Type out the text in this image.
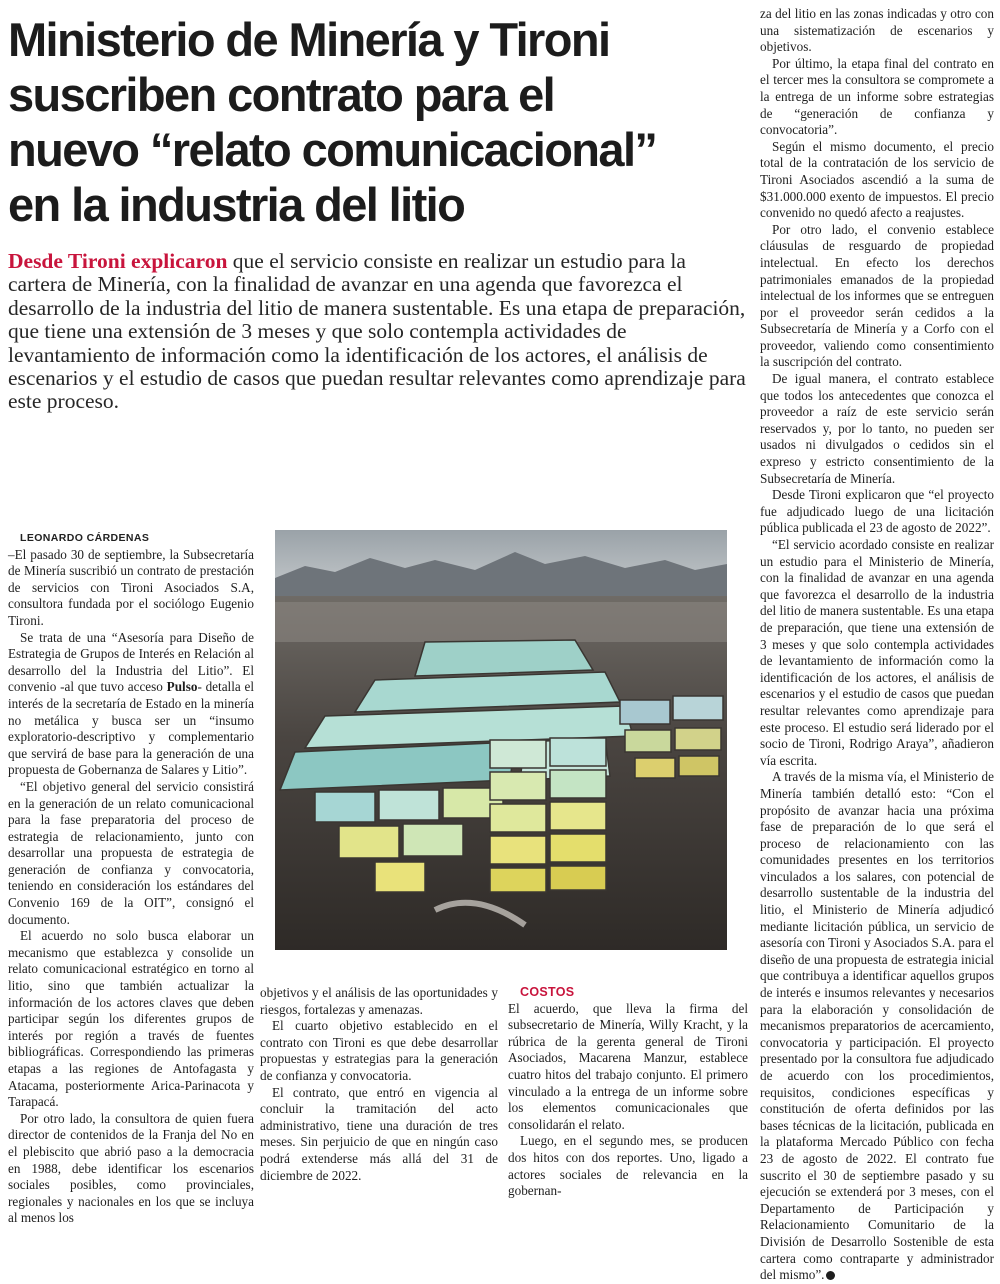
Ministerio de Minería y Tironi
suscriben contrato para el
nuevo “relato comunicacional”
en la industria del litio

Desde Tironi explicaron que el servicio consiste en realizar un estudio para la cartera de Minería, con la finalidad de avanzar en una agenda que favorezca el desarrollo de la industria del litio de manera sustentable. Es una etapa de preparación, que tiene una extensión de 3 meses y que solo contempla actividades de levantamiento de información como la identificación de los actores, el análisis de escenarios y el estudio de casos que puedan resultar relevantes como aprendizaje para este proceso.

LEONARDO CÁRDENAS

–El pasado 30 de septiembre, la Subsecretaría de Minería suscribió un contrato de prestación de servicios con Tironi Asociados S.A, consultora fundada por el sociólogo Eugenio Tironi.

Se trata de una “Asesoría para Diseño de Estrategia de Grupos de Interés en Relación al desarrollo del la Industria del Litio”. El convenio -al que tuvo acceso Pulso- detalla el interés de la secretaría de Estado en la minería no metálica y busca ser un “insumo exploratorio-descriptivo y complementario que servirá de base para la generación de una propuesta de Gobernanza de Salares y Litio”.

“El objetivo general del servicio consistirá en la generación de un relato comunicacional para la fase preparatoria del proceso de estrategia de relacionamiento, junto con desarrollar una propuesta de estrategia de generación de confianza y convocatoria, teniendo en consideración los estándares del Convenio 169 de la OIT”, consignó el documento.

El acuerdo no solo busca elaborar un mecanismo que establezca y consolide un relato comunicacional estratégico en torno al litio, sino que también actualizar la información de los actores claves que deben participar según los diferentes grupos de interés por región a través de fuentes bibliográficas. Correspondiendo las primeras etapas a las regiones de Antofagasta y Atacama, posteriormente Arica-Parinacota y Tarapacá.

Por otro lado, la consultora de quien fuera director de contenidos de la Franja del No en el plebiscito que abrió paso a la democracia en 1988, debe identificar los escenarios sociales posibles, como provinciales, regionales y nacionales en los que se incluya al menos los

objetivos y el análisis de las oportunidades y riesgos, fortalezas y amenazas.

El cuarto objetivo establecido en el contrato con Tironi es que debe desarrollar propuestas y estrategias para la generación de confianza y convocatoria.

El contrato, que entró en vigencia al concluir la tramitación del acto administrativo, tiene una duración de tres meses. Sin perjuicio de que en ningún caso podrá extenderse más allá del 31 de diciembre de 2022.

COSTOS

El acuerdo, que lleva la firma del subsecretario de Minería, Willy Kracht, y la rúbrica de la gerenta general de Tironi Asociados, Macarena Manzur, establece cuatro hitos del trabajo conjunto. El primero vinculado a la entrega de un informe sobre los elementos comunicacionales que consolidarán el relato.

Luego, en el segundo mes, se producen dos hitos con dos reportes. Uno, ligado a actores sociales de relevancia en la gobernan-

za del litio en las zonas indicadas y otro con una sistematización de escenarios y objetivos.

Por último, la etapa final del contrato en el tercer mes la consultora se compromete a la entrega de un informe sobre estrategias de “generación de confianza y convocatoria”.

Según el mismo documento, el precio total de la contratación de los servicio de Tironi Asociados ascendió a la suma de $31.000.000 exento de impuestos. El precio convenido no quedó afecto a reajustes.

Por otro lado, el convenio establece cláusulas de resguardo de propiedad intelectual. En efecto los derechos patrimoniales emanados de la propiedad intelectual de los informes que se entreguen por el proveedor serán cedidos a la Subsecretaría de Minería y a Corfo con el proveedor, valiendo como consentimiento la suscripción del contrato.

De igual manera, el contrato establece que todos los antecedentes que conozca el proveedor a raíz de este servicio serán reservados y, por lo tanto, no pueden ser usados ni divulgados o cedidos sin el expreso y estricto consentimiento de la Subsecretaría de Minería.

Desde Tironi explicaron que “el proyecto fue adjudicado luego de una licitación pública publicada el 23 de agosto de 2022”.

“El servicio acordado consiste en realizar un estudio para el Ministerio de Minería, con la finalidad de avanzar en una agenda que favorezca el desarrollo de la industria del litio de manera sustentable. Es una etapa de preparación, que tiene una extensión de 3 meses y que solo contempla actividades de levantamiento de información como la identificación de los actores, el análisis de escenarios y el estudio de casos que puedan resultar relevantes como aprendizaje para este proceso. El estudio será liderado por el socio de Tironi, Rodrigo Araya”, añadieron vía escrita.

A través de la misma vía, el Ministerio de Minería también detalló esto: “Con el propósito de avanzar hacia una próxima fase de preparación de lo que será el proceso de relacionamiento con las comunidades presentes en los territorios vinculados a los salares, con potencial de desarrollo sustentable de la industria del litio, el Ministerio de Minería adjudicó mediante licitación pública, un servicio de asesoría con Tironi y Asociados S.A. para el diseño de una propuesta de estrategia inicial que contribuya a identificar aquellos grupos de interés e insumos relevantes y necesarios para la elaboración y consolidación de mecanismos preparatorios de acercamiento, convocatoria y participación. El proyecto presentado por la consultora fue adjudicado de acuerdo con los procedimientos, requisitos, condiciones específicas y constitución de oferta definidos por las bases técnicas de la licitación, publicada en la plataforma Mercado Público con fecha 23 de agosto de 2022. El contrato fue suscrito el 30 de septiembre pasado y su ejecución se extenderá por 3 meses, con el Departamento de Participación y Relacionamiento Comunitario de la División de Desarrollo Sostenible de esta cartera como contraparte y administrador del mismo”.
